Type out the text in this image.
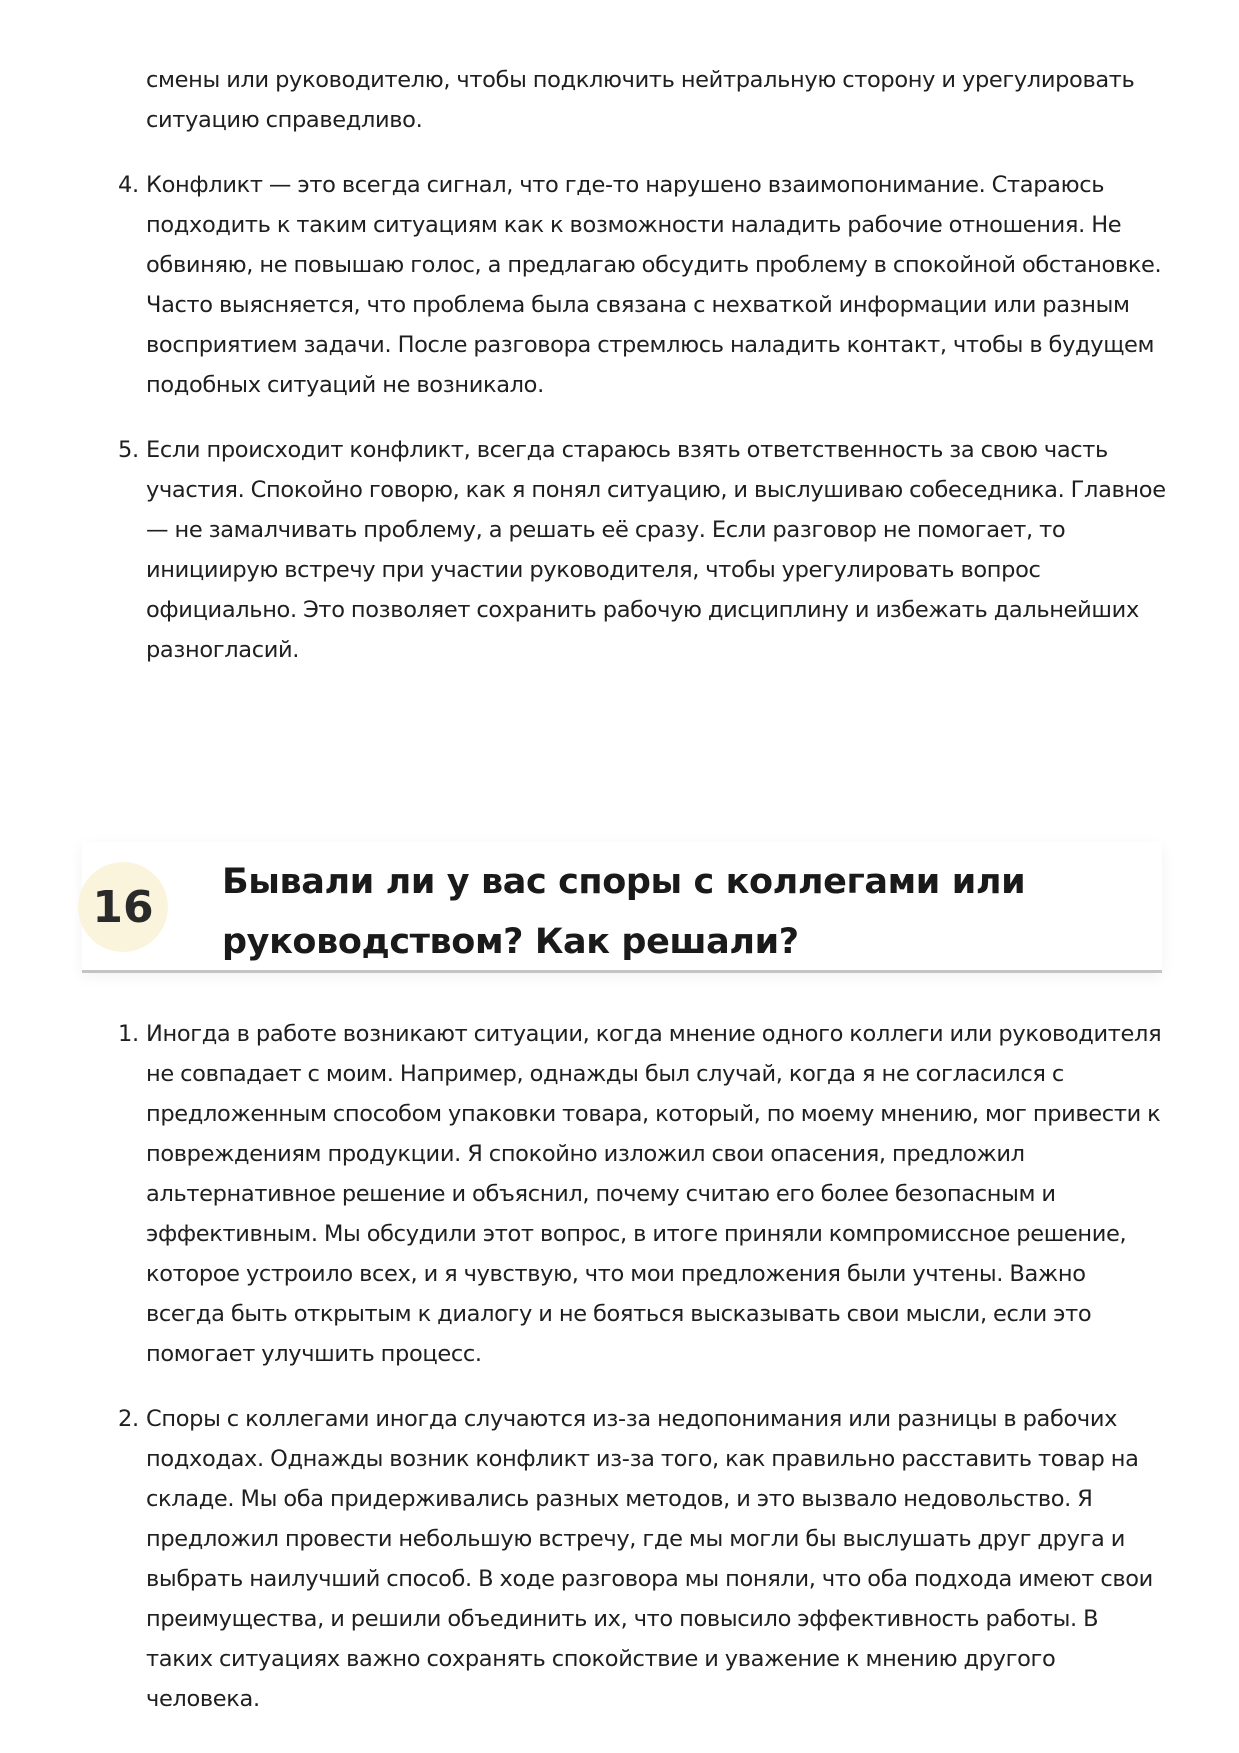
смены или руководителю, чтобы подключить нейтральную сторону и урегулировать ситуацию справедливо.
4. Конфликт — это всегда сигнал, что где-то нарушено взаимопонимание. Стараюсь подходить к таким ситуациям как к возможности наладить рабочие отношения. Не обвиняю, не повышаю голос, а предлагаю обсудить проблему в спокойной обстановке. Часто выясняется, что проблема была связана с нехваткой информации или разным восприятием задачи. После разговора стремлюсь наладить контакт, чтобы в будущем подобных ситуаций не возникало.
5. Если происходит конфликт, всегда стараюсь взять ответственность за свою часть участия. Спокойно говорю, как я понял ситуацию, и выслушиваю собеседника. Главное — не замалчивать проблему, а решать её сразу. Если разговор не помогает, то инициирую встречу при участии руководителя, чтобы урегулировать вопрос официально. Это позволяет сохранить рабочую дисциплину и избежать дальнейших разногласий.
16	Бывали ли у вас споры с коллегами или руководством? Как решали?
1. Иногда в работе возникают ситуации, когда мнение одного коллеги или руководителя не совпадает с моим. Например, однажды был случай, когда я не согласился с предложенным способом упаковки товара, который, по моему мнению, мог привести к повреждениям продукции. Я спокойно изложил свои опасения, предложил альтернативное решение и объяснил, почему считаю его более безопасным и эффективным. Мы обсудили этот вопрос, в итоге приняли компромиссное решение, которое устроило всех, и я чувствую, что мои предложения были учтены. Важно всегда быть открытым к диалогу и не бояться высказывать свои мысли, если это помогает улучшить процесс.
2. Споры с коллегами иногда случаются из-за недопонимания или разницы в рабочих подходах. Однажды возник конфликт из-за того, как правильно расставить товар на складе. Мы оба придерживались разных методов, и это вызвало недовольство. Я предложил провести небольшую встречу, где мы могли бы выслушать друг друга и выбрать наилучший способ. В ходе разговора мы поняли, что оба подхода имеют свои преимущества, и решили объединить их, что повысило эффективность работы. В таких ситуациях важно сохранять спокойствие и уважение к мнению другого человека.
